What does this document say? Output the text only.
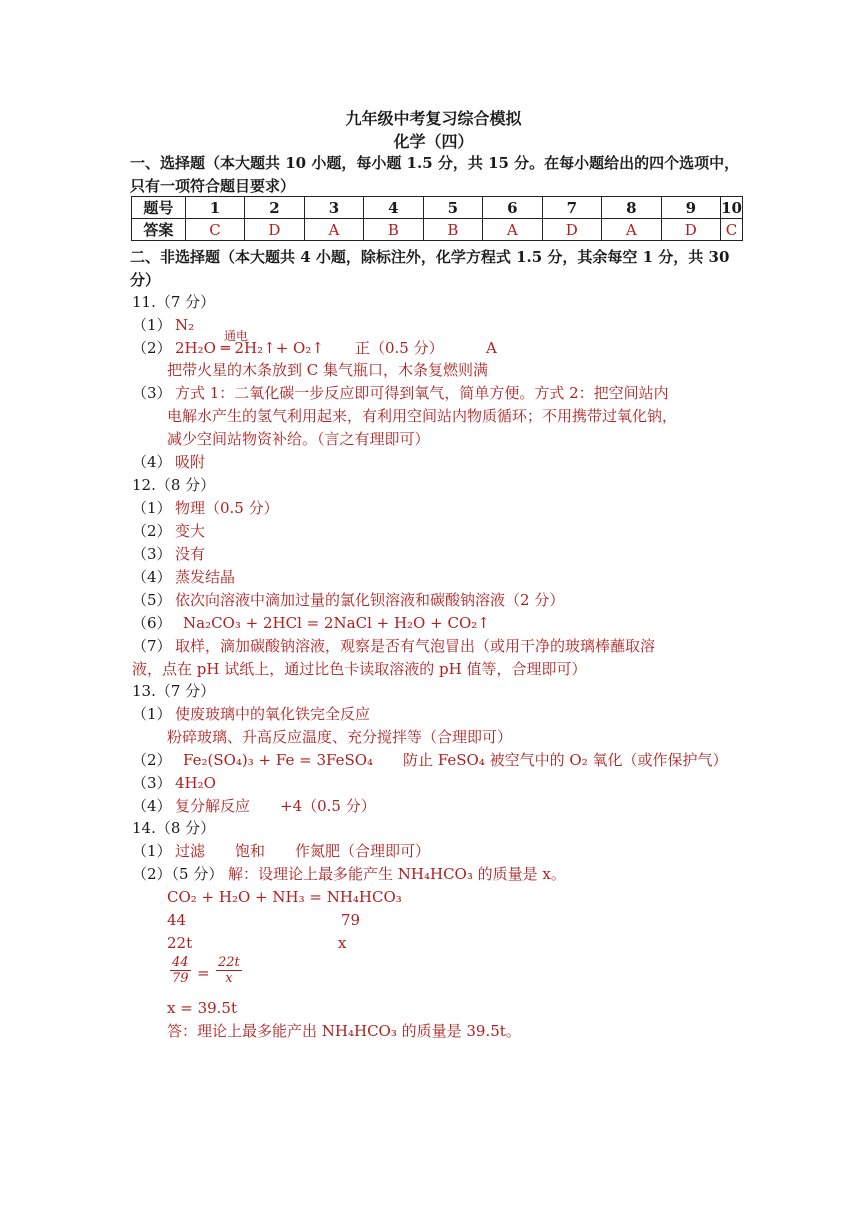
九年级中考复习综合模拟
化学（四）
一、选择题（本大题共 10 小题，每小题 1.5 分，共 15 分。在每小题给出的四个选项中，只有一项符合题目要求）
题号	1	2	3	4	5	6	7	8	9	10
答案	C	D	A	B	B	A	D	A	D	C
二、非选择题（本大题共 4 小题，除标注外，化学方程式 1.5 分，其余每空 1 分，共 30 分）
11.（7 分）
（1） N₂
（2）
通电
2H₂O ═ 2H₂↑+ O₂↑ 正（0.5 分）	A
把带火星的木条放到 C 集气瓶口，木条复燃则满
（3） 方式 1：二氧化碳一步反应即可得到氧气，简单方便。方式 2：把空间站内
电解水产生的氢气利用起来，有利用空间站内物质循环；不用携带过氧化钠，
减少空间站物资补给。（言之有理即可）
（4） 吸附
12.（8 分）
（1） 物理（0.5 分）
（2） 变大
（3） 没有
（4） 蒸发结晶
（5） 依次向溶液中滴加过量的氯化钡溶液和碳酸钠溶液（2 分）
（6） Na₂CO₃ + 2HCl = 2NaCl + H₂O + CO₂↑
（7） 取样，滴加碳酸钠溶液，观察是否有气泡冒出（或用干净的玻璃棒蘸取溶
液，点在 pH 试纸上，通过比色卡读取溶液的 pH 值等，合理即可）
13.（7 分）
（1） 使废玻璃中的氧化铁完全反应
粉碎玻璃、升高反应温度、充分搅拌等（合理即可）
（2） Fe₂(SO₄)₃ + Fe = 3FeSO₄　　防止 FeSO₄ 被空气中的 O₂ 氧化（或作保护气）
（3） 4H₂O
（4） 复分解反应　　+4（0.5 分）
14.（8 分）
（1） 过滤　　饱和　　作氮肥（合理即可）
（2）（5 分） 解：设理论上最多能产生 NH₄HCO₃ 的质量是 x。
CO₂ + H₂O + NH₃ = NH₄HCO₃
44	79
22t	x
$\frac{44}{79} = \frac{22t}{x}$
x = 39.5t
答：理论上最多能产出 NH₄HCO₃ 的质量是 39.5t。
